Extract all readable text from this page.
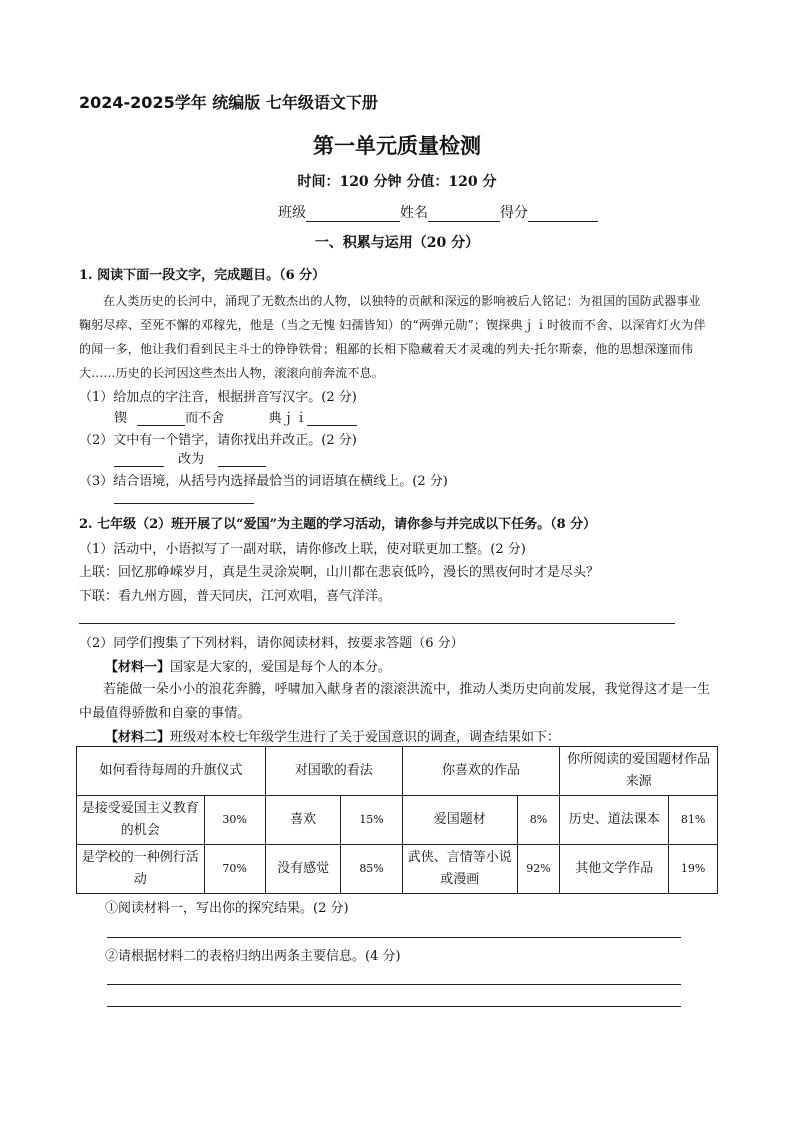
2024-2025学年 统编版 七年级语文下册
第一单元质量检测
时间：120 分钟 分值：120 分
班级	姓名	得分
一、积累与运用（20 分）
1. 阅读下面一段文字，完成题目。（6 分）
在人类历史的长河中，涌现了无数杰出的人物，以独特的贡献和深远的影响被后人铭记：为祖国的国防武器事业鞠躬尽瘁、至死不懈的邓稼先，他是（当之无愧 妇孺皆知）的“两弹元勋”；锲探典ｊｉ时彼而不舍、以深宵灯火为伴的闻一多，他让我们看到民主斗士的铮铮铁骨；粗鄙的长相下隐藏着天才灵魂的列夫·托尔斯泰，他的思想深邃而伟大……历史的长河因这些杰出人物，滚滚向前奔流不息。
（1）给加点的字注音，根据拼音写汉字。(2 分)
锲	而不舍	典ｊｉ
（2）文中有一个错字，请你找出并改正。(2 分)
改为
（3）结合语境，从括号内选择最恰当的词语填在横线上。(2 分)
2. 七年级（2）班开展了以“爱国”为主题的学习活动，请你参与并完成以下任务。（8 分）
（1）活动中，小语拟写了一副对联，请你修改上联，使对联更加工整。(2 分)
上联：回忆那峥嵘岁月，真是生灵涂炭啊，山川都在悲哀低吟，漫长的黑夜何时才是尽头？
下联：看九州方圆，普天同庆，江河欢唱，喜气洋洋。
（2）同学们搜集了下列材料，请你阅读材料，按要求答题（6 分）
【材料一】国家是大家的，爱国是每个人的本分。
若能做一朵小小的浪花奔腾，呼啸加入献身者的滚滚洪流中，推动人类历史向前发展，我觉得这才是一生中最值得骄傲和自豪的事情。
【材料二】班级对本校七年级学生进行了关于爱国意识的调查，调查结果如下：
如何看待每周的升旗仪式		对国歌的看法		你喜欢的作品		你所阅读的爱国题材作品来源	
是接受爱国主义教育的机会	30%	喜欢	15%	爱国题材	8%	历史、道法课本	81%
是学校的一种例行活动	70%	没有感觉	85%	武侠、言情等小说或漫画	92%	其他文学作品	19%
①阅读材料一，写出你的探究结果。(2 分)
②请根据材料二的表格归纳出两条主要信息。(4 分)
